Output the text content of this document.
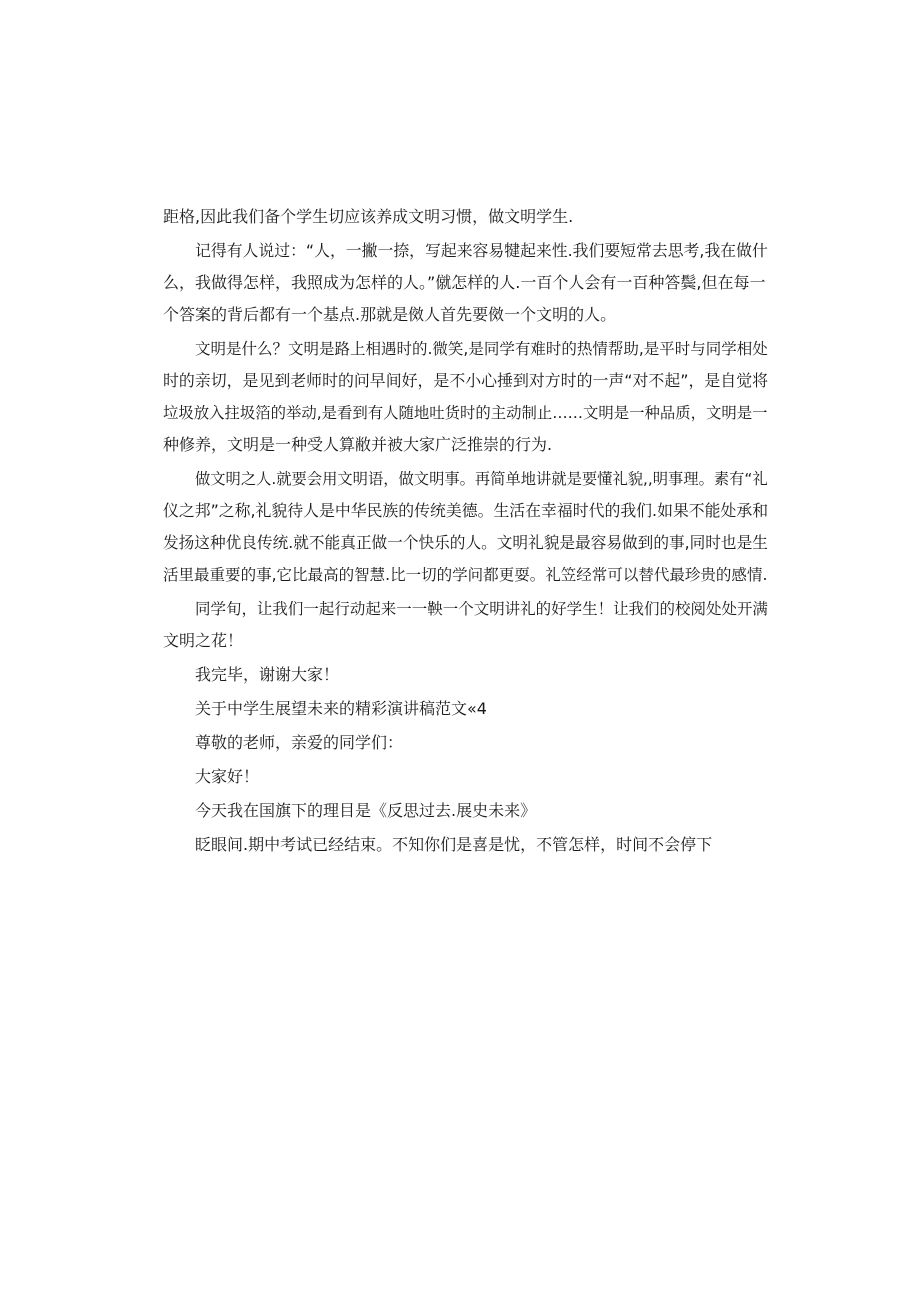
距格,因此我们备个学生切应该养成文明习惯，做文明学生.
记得有人说过：“人，一撇一捺，写起来容易犍起来性.我们要短常去思考,我在做什
么，我做得怎样，我照成为怎样的人。”僦怎样的人.一百个人会有一百种答鬓,但在每一
个答案的背后都有一个基点.那就是傚人首先要傚一个文明的人。
文明是什么？文明是路上相遇时的.微笑,是同学有难时的热情帮助,是平时与同学相处
时的亲切，是见到老师时的问早间好，是不小心捶到对方时的一声“对不起”，是自觉将
垃圾放入拄圾箔的举动,是看到有人随地吐货时的主动制止……文明是一种品质，文明是一
种修养，文明是一种受人算敝并被大家广泛推崇的行为.
做文明之人.就要会用文明语，做文明事。再简单地讲就是要懂礼貌,,明事理。素有“礼
仪之邦”之称,礼貌待人是中华民族的传统美德。生活在幸福时代的我们.如果不能处承和
发扬这种优良传统.就不能真正做一个快乐的人。文明礼貌是最容易做到的事,同时也是生
活里最重要的事,它比最高的智慧.比一切的学问都更耍。礼笠经常可以替代最珍贵的感情.
同学旬，让我们一起行动起来一一鞅一个文明讲礼的好学生！让我们的校阅处处开满
文明之花！
我完毕，谢谢大家！
关于中学生展望未来的精彩演讲稿范文«4
尊敬的老师，亲爱的同学们：
大家好！
今天我在国旗下的理目是《反思过去.展史未来》
眨眼间.期中考试已经结束。不知你们是喜是忧，不管怎样，时间不会停下
